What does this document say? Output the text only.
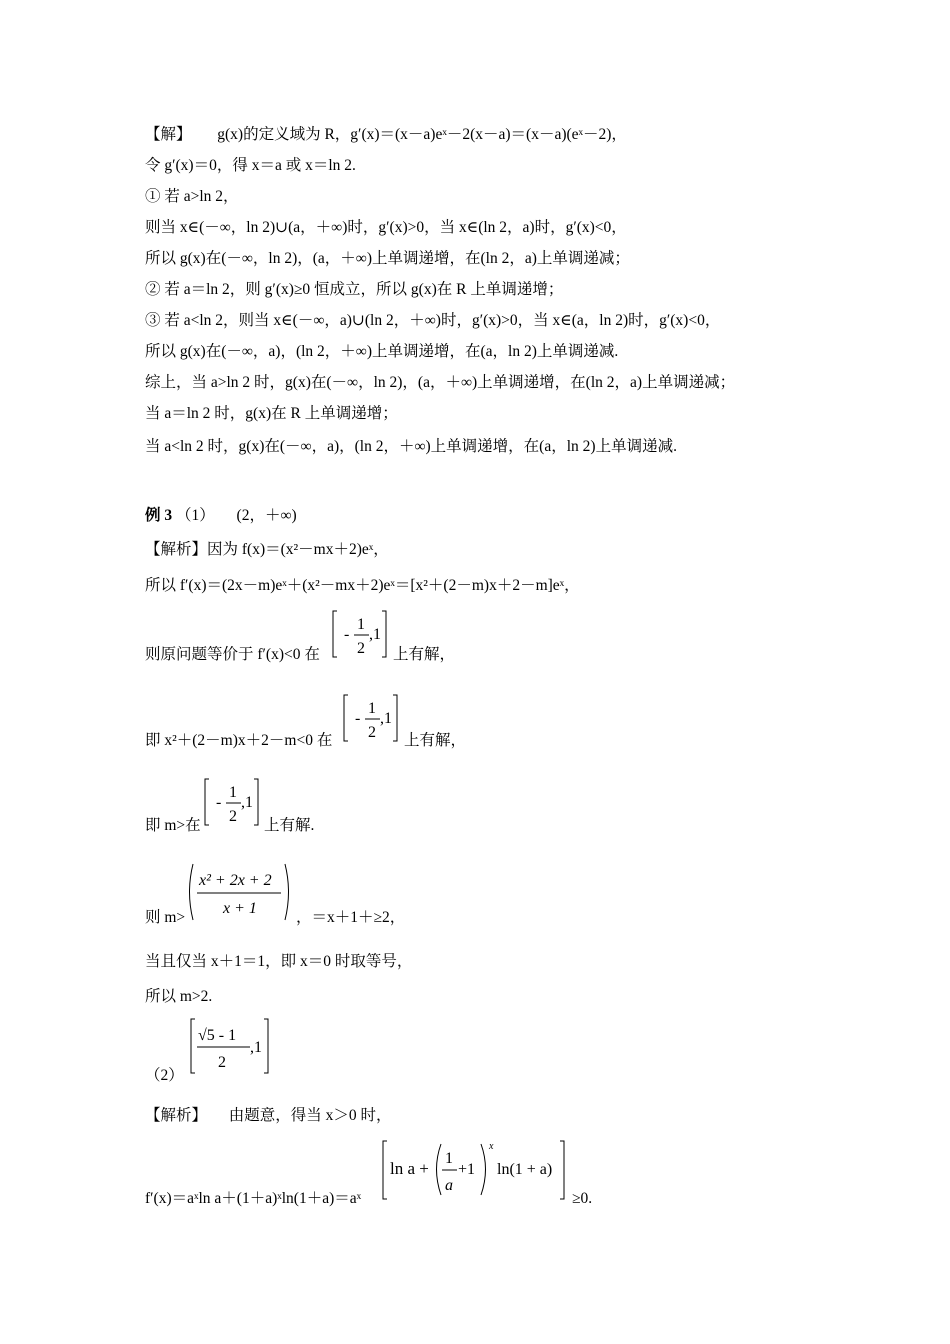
【解】 g(x)的定义域为 R，g′(x)＝(x－a)eˣ－2(x－a)＝(x－a)(eˣ－2)，
令 g′(x)＝0，得 x＝a 或 x＝ln 2.
① 若 a>ln 2，
则当 x∈(－∞，ln 2)∪(a，＋∞)时，g′(x)>0，当 x∈(ln 2，a)时，g′(x)<0，
所以 g(x)在(－∞，ln 2)，(a，＋∞)上单调递增，在(ln 2，a)上单调递减；
② 若 a＝ln 2，则 g′(x)≥0 恒成立，所以 g(x)在 R 上单调递增；
③ 若 a<ln 2，则当 x∈(－∞，a)∪(ln 2，＋∞)时，g′(x)>0，当 x∈(a，ln 2)时，g′(x)<0，
所以 g(x)在(－∞，a)，(ln 2，＋∞)上单调递增，在(a，ln 2)上单调递减.
综上，当 a>ln 2 时，g(x)在(－∞，ln 2)，(a，＋∞)上单调递增，在(ln 2，a)上单调递减；
当 a＝ln 2 时，g(x)在 R 上单调递增；
当 a<ln 2 时，g(x)在(－∞，a)，(ln 2，＋∞)上单调递增，在(a，ln 2)上单调递减.
例 3 （1） (2，＋∞)
【解析】因为 f(x)＝(x²－mx＋2)eˣ，
所以 f′(x)＝(2x－m)eˣ＋(x²－mx＋2)eˣ＝[x²＋(2－m)x＋2－m]eˣ，
则原问题等价于 f′(x)<0 在
-
1
2
,1
上有解，
即 x²＋(2－m)x＋2－m<0 在
-
1
2
,1
上有解，
即 m>在
-
1
2
,1
上有解.
则 m>
x² + 2x + 2
x + 1
，＝x＋1＋≥2，
当且仅当 x＋1＝1，即 x＝0 时取等号，
所以 m>2.
√5 - 1
2
,1
（2）
【解析】 由题意，得当 x＞0 时，
f′(x)＝aˣln a＋(1＋a)ˣln(1＋a)＝aˣ
ln a +
1
a
+1
x
ln(1 + a)
≥0.
